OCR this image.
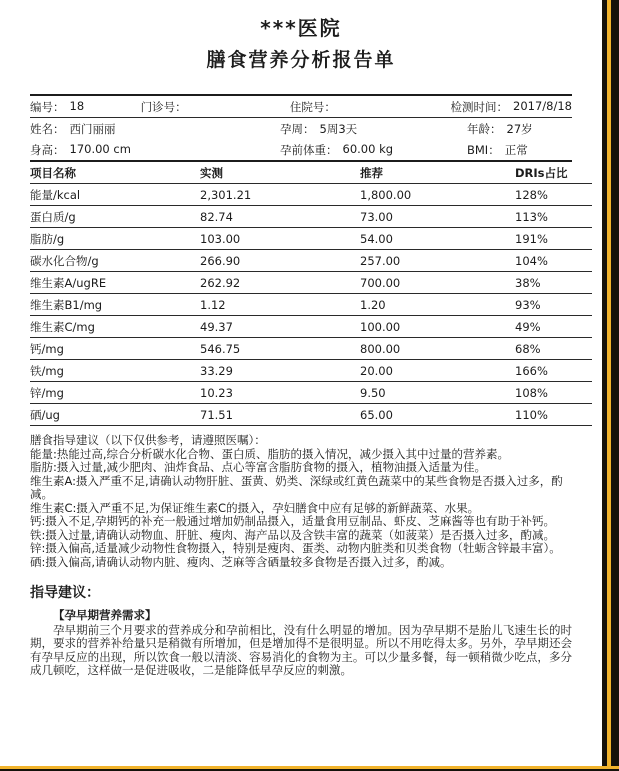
***医院
膳食营养分析报告单
编号： 18	门诊号：	住院号：	检测时间： 2017/8/18
姓名： 西门丽丽	孕周： 5周3天	年龄： 27岁
身高： 170.00 cm	孕前体重： 60.00 kg	BMI： 正常
项目名称	实测	推荐	DRIs占比
能量/kcal	2,301.21	1,800.00	128%
蛋白质/g	82.74	73.00	113%
脂肪/g	103.00	54.00	191%
碳水化合物/g	266.90	257.00	104%
维生素A/ugRE	262.92	700.00	38%
维生素B1/mg	1.12	1.20	93%
维生素C/mg	49.37	100.00	49%
钙/mg	546.75	800.00	68%
铁/mg	33.29	20.00	166%
锌/mg	10.23	9.50	108%
硒/ug	71.51	65.00	110%

膳食指导建议（以下仅供参考，请遵照医嘱）：

能量:热能过高,综合分析碳水化合物、蛋白质、脂肪的摄入情况，减少摄入其中过量的营养素。

脂肪:摄入过量,减少肥肉、油炸食品、点心等富含脂肪食物的摄入，植物油摄入适量为佳。

维生素A:摄入严重不足,请确认动物肝脏、蛋黄、奶类、深绿或红黄色蔬菜中的某些食物是否摄入过多，酌减。

维生素C:摄入严重不足,为保证维生素C的摄入，孕妇膳食中应有足够的新鲜蔬菜、水果。

钙:摄入不足,孕期钙的补充一般通过增加奶制品摄入，适量食用豆制品、虾皮、芝麻酱等也有助于补钙。

铁:摄入过量,请确认动物血、肝脏、瘦肉、海产品以及含铁丰富的蔬菜（如菠菜）是否摄入过多，酌减。

锌:摄入偏高,适量减少动物性食物摄入，特别是瘦肉、蛋类、动物内脏类和贝类食物（牡蛎含锌最丰富）。

硒:摄入偏高,请确认动物内脏、瘦肉、芝麻等含硒量较多食物是否摄入过多，酌减。

指导建议：
【孕早期营养需求】
孕早期前三个月要求的营养成分和孕前相比，没有什么明显的增加。因为孕早期不是胎儿飞速生长的时期，要求的营养补给量只是稍微有所增加，但是增加得不是很明显。所以不用吃得太多。另外，孕早期还会有孕早反应的出现，所以饮食一般以清淡、容易消化的食物为主。可以少量多餐，每一顿稍微少吃点，多分成几顿吃，这样做一是促进吸收，二是能降低早孕反应的刺激。
